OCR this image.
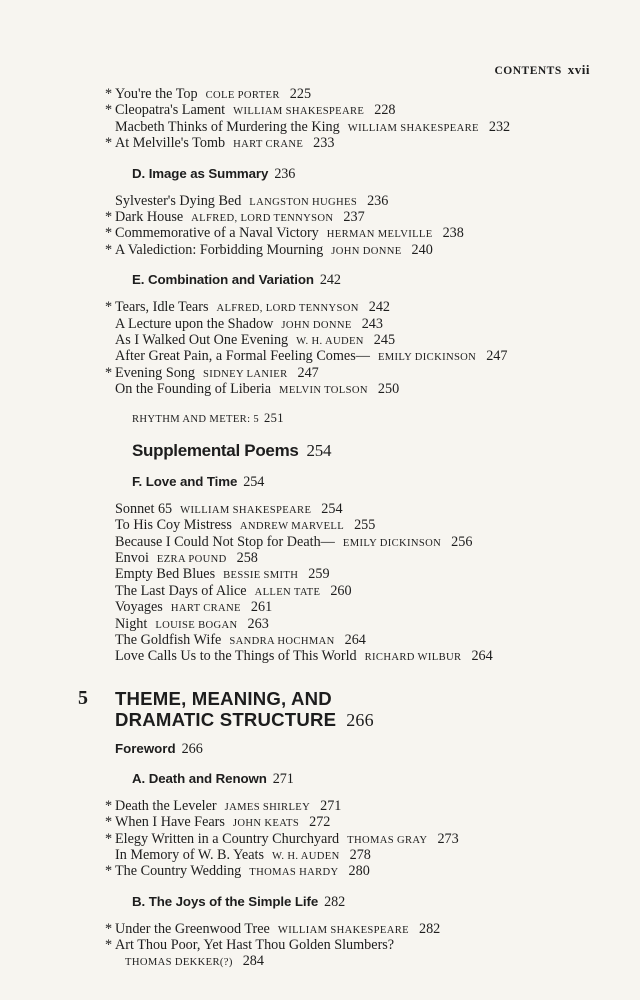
CONTENTS xvii
* You're the Top COLE PORTER 225
* Cleopatra's Lament WILLIAM SHAKESPEARE 228
Macbeth Thinks of Murdering the King WILLIAM SHAKESPEARE 232
* At Melville's Tomb HART CRANE 233
D. Image as Summary 236
Sylvester's Dying Bed LANGSTON HUGHES 236
* Dark House ALFRED, LORD TENNYSON 237
* Commemorative of a Naval Victory HERMAN MELVILLE 238
* A Valediction: Forbidding Mourning JOHN DONNE 240
E. Combination and Variation 242
* Tears, Idle Tears ALFRED, LORD TENNYSON 242
A Lecture upon the Shadow JOHN DONNE 243
As I Walked Out One Evening W. H. AUDEN 245
After Great Pain, a Formal Feeling Comes— EMILY DICKINSON 247
* Evening Song SIDNEY LANIER 247
On the Founding of Liberia MELVIN TOLSON 250
RHYTHM AND METER: 5 251
Supplemental Poems 254
F. Love and Time 254
Sonnet 65 WILLIAM SHAKESPEARE 254
To His Coy Mistress ANDREW MARVELL 255
Because I Could Not Stop for Death— EMILY DICKINSON 256
Envoi EZRA POUND 258
Empty Bed Blues BESSIE SMITH 259
The Last Days of Alice ALLEN TATE 260
Voyages HART CRANE 261
Night LOUISE BOGAN 263
The Goldfish Wife SANDRA HOCHMAN 264
Love Calls Us to the Things of This World RICHARD WILBUR 264
5 THEME, MEANING, AND
DRAMATIC STRUCTURE 266
Foreword 266
A. Death and Renown 271
* Death the Leveler JAMES SHIRLEY 271
* When I Have Fears JOHN KEATS 272
* Elegy Written in a Country Churchyard THOMAS GRAY 273
In Memory of W. B. Yeats W. H. AUDEN 278
* The Country Wedding THOMAS HARDY 280
B. The Joys of the Simple Life 282
* Under the Greenwood Tree WILLIAM SHAKESPEARE 282
* Art Thou Poor, Yet Hast Thou Golden Slumbers?
THOMAS DEKKER(?) 284
